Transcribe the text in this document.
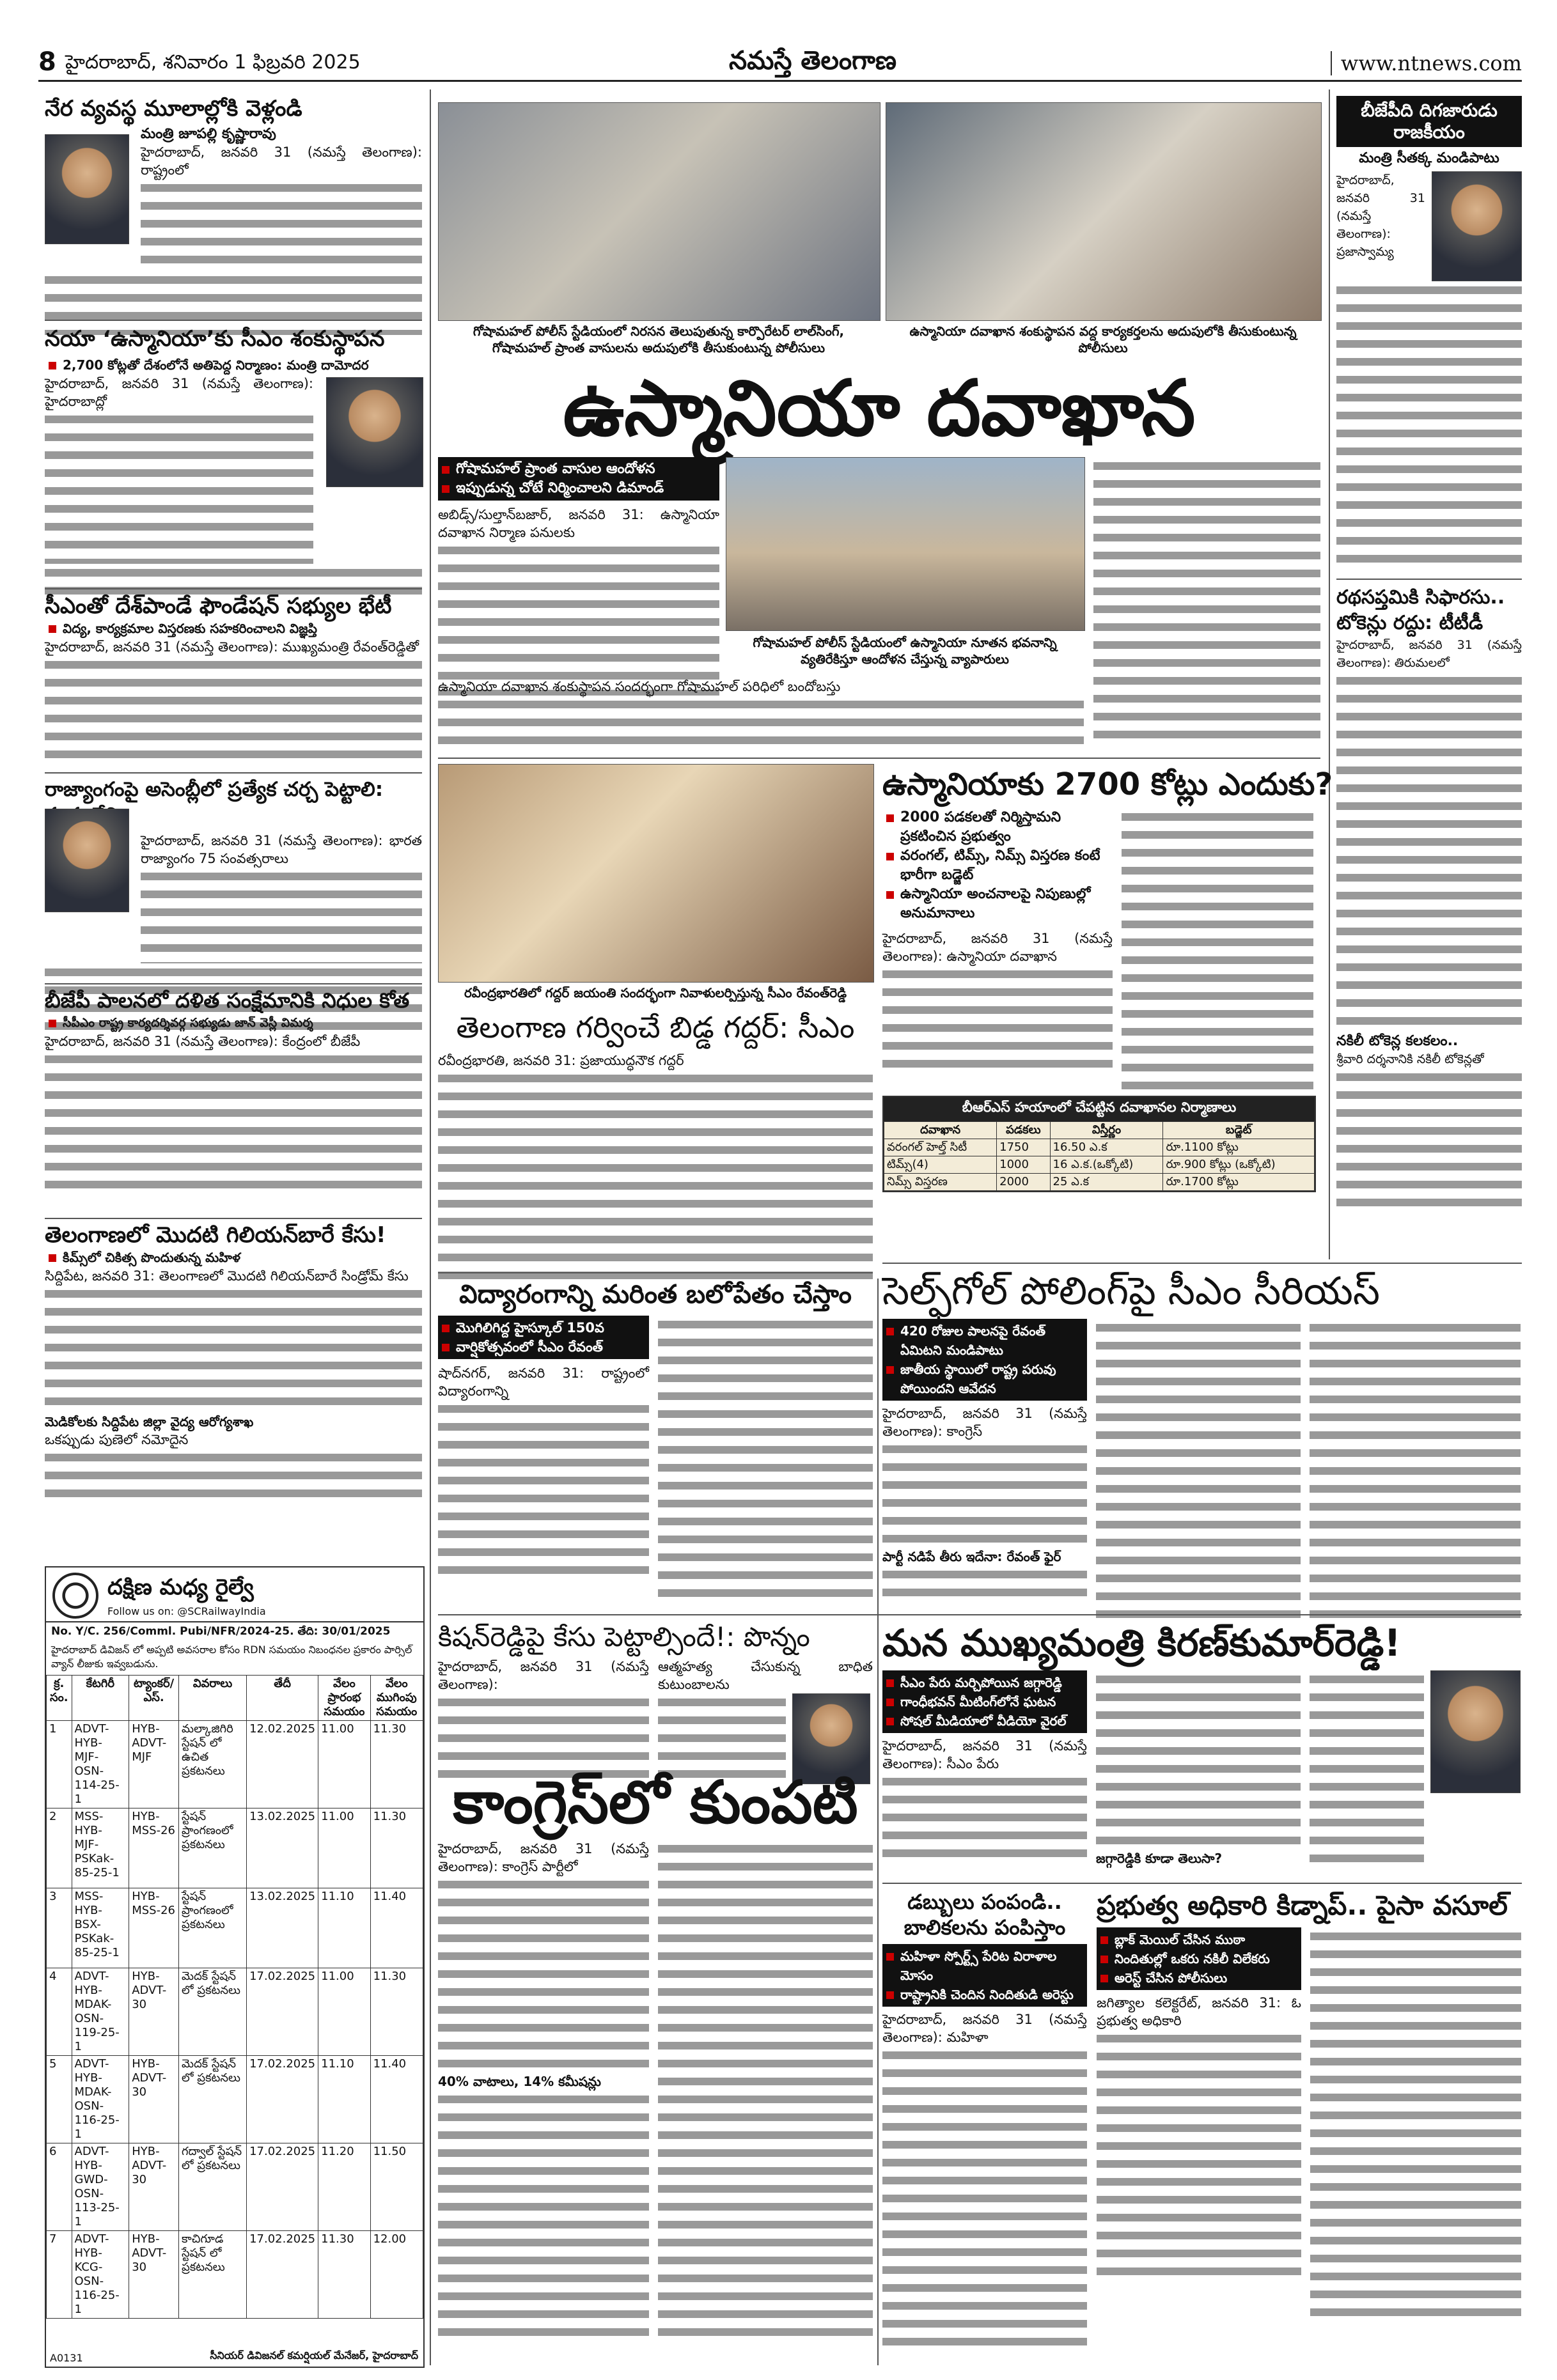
8 హైదరాబాద్, శనివారం 1 ఫిబ్రవరి 2025	నమస్తే తెలంగాణ	www.ntnews.com
నేర వ్యవస్థ మూలాల్లోకి వెళ్లండి
మంత్రి జూపల్లి కృష్ణారావు
హైదరాబాద్, జనవరి 31 (నమస్తే తెలంగాణ): రాష్ట్రంలో
నయా ‘ఉస్మానియా’కు సీఎం శంకుస్థాపన
2,700 కోట్లతో దేశంలోనే అతిపెద్ద నిర్మాణం: మంత్రి దామోదర
హైదరాబాద్, జనవరి 31 (నమస్తే తెలంగాణ): హైదరాబాద్లో
సీఎంతో దేశ్‌పాండే ఫౌండేషన్ సభ్యుల భేటీ
విద్య, కార్యక్రమాల విస్తరణకు సహకరించాలని విజ్ఞప్తి
హైదరాబాద్, జనవరి 31 (నమస్తే తెలంగాణ): ముఖ్యమంత్రి రేవంత్‌రెడ్డితో
రాజ్యాంగంపై అసెంబ్లీలో ప్రత్యేక చర్చ పెట్టాలి:
హైదరాబాద్, జనవరి 31 (నమస్తే తెలంగాణ): భారత రాజ్యాంగం 75 సంవత్సరాలు
బీజేపీ పాలనలో దళిత సంక్షేమానికి నిధుల కోత
సీపీఎం రాష్ట్ర కార్యదర్శివర్గ సభ్యుడు జాన్ వెస్లీ విమర్శ
హైదరాబాద్, జనవరి 31 (నమస్తే తెలంగాణ): కేంద్రంలో బీజేపీ
తెలంగాణలో మొదటి గిలియన్‌బారే కేసు!
కిమ్స్‌లో చికిత్స పొందుతున్న మహిళ
సిద్దిపేట, జనవరి 31: తెలంగాణలో మొదటి గిలియన్‌బారే సిండ్రోమ్ కేసు
మెడికోలకు సిద్దిపేట జిల్లా వైద్య ఆరోగ్యశాఖ
ఒకప్పుడు పుణెలో నమోదైన
దక్షిణ మధ్య రైల్వే
Follow us on: @SCRailwayIndia
No. Y/C. 256/Comml. Pubi/NFR/2024-25. తేది: 30/01/2025
హైదరాబాద్ డివిజన్ లో అప్పటి అవసరాల కోసం RDN సమయం నిబంధనల ప్రకారం పార్సిల్ వ్యాన్ లీజుకు ఇవ్వబడును.
క్ర. సం.	కేటగిరీ	ట్యాంకర్/ ఎస్.	వివరాలు	తేదీ	వేలం ప్రారంభ సమయం	వేలం ముగింపు సమయం
1	ADVT-HYB-MJF-OSN-114-25-1	HYB-ADVT-MJF	మల్కాజిగిరి స్టేషన్ లో ఉచిత ప్రకటనలు	12.02.2025	11.00	11.30
2	MSS-HYB-MJF-PSKak-85-25-1	HYB-MSS-26	స్టేషన్ ప్రాంగణంలో ప్రకటనలు	13.02.2025	11.00	11.30
3	MSS-HYB-BSX-PSKak-85-25-1	HYB-MSS-26	స్టేషన్ ప్రాంగణంలో ప్రకటనలు	13.02.2025	11.10	11.40
4	ADVT-HYB-MDAK-OSN-119-25-1	HYB-ADVT-30	మెదక్ స్టేషన్ లో ప్రకటనలు	17.02.2025	11.00	11.30
5	ADVT-HYB-MDAK-OSN-116-25-1	HYB-ADVT-30	మెదక్ స్టేషన్ లో ప్రకటనలు	17.02.2025	11.10	11.40
6	ADVT-HYB-GWD-OSN-113-25-1	HYB-ADVT-30	గద్వాల్ స్టేషన్ లో ప్రకటనలు	17.02.2025	11.20	11.50
7	ADVT-HYB-KCG-OSN-116-25-1	HYB-ADVT-30	కాచిగూడ స్టేషన్ లో ప్రకటనలు	17.02.2025	11.30	12.00
A0131	సీనియర్ డివిజనల్ కమర్షియల్ మేనేజర్, హైదరాబాద్
గోషామహల్ పోలీస్ స్టేడియంలో నిరసన తెలుపుతున్న కార్పొరేటర్ లాల్‌సింగ్, గోషామహల్ ప్రాంత వాసులను అదుపులోకి తీసుకుంటున్న పోలీసులు
ఉస్మానియా దవాఖాన శంకుస్థాపన వద్ద కార్యకర్తలను అదుపులోకి తీసుకుంటున్న పోలీసులు
ఉస్మానియా దవాఖాన
గోషామహల్ ప్రాంత వాసుల ఆందోళన
ఇప్పుడున్న చోటే నిర్మించాలని డిమాండ్
అబిడ్స్/సుల్తాన్‌బజార్, జనవరి 31: ఉస్మానియా దవాఖాన నిర్మాణ పనులకు
గోషామహల్ పోలీస్ స్టేడియంలో ఉస్మానియా నూతన భవనాన్ని వ్యతిరేకిస్తూ ఆందోళన చేస్తున్న వ్యాపారులు
ఉస్మానియా దవాఖాన శంకుస్థాపన సందర్భంగా గోషామహల్ పరిధిలో బందోబస్తు
రవీంద్రభారతిలో గద్దర్ జయంతి సందర్భంగా నివాళులర్పిస్తున్న సీఎం రేవంత్‌రెడ్డి
తెలంగాణ గర్వించే బిడ్డ గద్దర్: సీఎం
రవీంద్రభారతి, జనవరి 31: ప్రజాయుద్ధనౌక గద్దర్
ఉస్మానియాకు 2700 కోట్లు ఎందుకు?
2000 పడకలతో నిర్మిస్తామని ప్రకటించిన ప్రభుత్వం
వరంగల్, టిమ్స్, నిమ్స్ విస్తరణ కంటే భారీగా బడ్జెట్
ఉస్మానియా అంచనాలపై నిపుణుల్లో అనుమానాలు
హైదరాబాద్, జనవరి 31 (నమస్తే తెలంగాణ): ఉస్మానియా దవాఖాన
బీఆర్‌ఎస్ హయాంలో చేపట్టిన దవాఖానల నిర్మాణాలు
దవాఖాన	పడకలు	విస్తీర్ణం	బడ్జెట్
వరంగల్ హెల్త్ సిటీ	1750	16.50 ఎ.క	రూ.1100 కోట్లు
టిమ్స్(4)	1000	16 ఎ.క.(ఒక్కోటి)	రూ.900 కోట్లు (ఒక్కోటి)
నిమ్స్ విస్తరణ	2000	25 ఎ.క	రూ.1700 కోట్లు
బీజేపీది దిగజారుడు రాజకీయం
మంత్రి సీతక్క మండిపాటు
హైదరాబాద్, జనవరి 31 (నమస్తే తెలంగాణ): ప్రజాస్వామ్య
రథసప్తమికి సిఫారసు..
టోకెన్లు రద్దు: టీటీడీ
హైదరాబాద్, జనవరి 31 (నమస్తే తెలంగాణ): తిరుమలలో
నకిలీ టోకెన్ల కలకలం..
శ్రీవారి దర్శనానికి నకిలీ టోకెన్లతో
సెల్ఫ్‌గోల్ పోలింగ్‌పై సీఎం సీరియస్
420 రోజుల పాలనపై రేవంత్‌ ఏమిటని మండిపాటు
జాతీయ స్థాయిలో రాష్ట్ర పరువు పోయిందని ఆవేదన
హైదరాబాద్, జనవరి 31 (నమస్తే తెలంగాణ): కాంగ్రెస్
పార్టీ నడిపే తీరు ఇదేనా: రేవంత్ ఫైర్
విద్యారంగాన్ని మరింత బలోపేతం చేస్తాం
మొగిలిగిద్ద హైస్కూల్ 150వ
వార్షికోత్సవంలో సీఎం రేవంత్
షాద్‌నగర్, జనవరి 31: రాష్ట్రంలో విద్యారంగాన్ని
కిషన్‌రెడ్డిపై కేసు పెట్టాల్సిందే!: పొన్నం
హైదరాబాద్, జనవరి 31 (నమస్తే తెలంగాణ):
ఆత్మహత్య చేసుకున్న బాధిత కుటుంబాలను
కాంగ్రెస్‌లో కుంపటి
హైదరాబాద్, జనవరి 31 (నమస్తే తెలంగాణ): కాంగ్రెస్ పార్టీలో
40% వాటాలు, 14% కమీషన్లు
మన ముఖ్యమంత్రి కిరణ్‌కుమార్‌రెడ్డి!
సీఎం పేరు మర్చిపోయిన జగ్గారెడ్డి
గాంధీభవన్ మీటింగ్‌లోనే ఘటన
సోషల్ మీడియాలో వీడియో వైరల్
హైదరాబాద్, జనవరి 31 (నమస్తే తెలంగాణ): సీఎం పేరు
జగ్గారెడ్డికి కూడా తెలుసా?
డబ్బులు పంపండి.. బాలికలను పంపిస్తాం
మహిళా స్పోర్ట్స్ పేరిట విరాళాల మోసం
రాష్ట్రానికి చెందిన నిందితుడి అరెస్టు
హైదరాబాద్, జనవరి 31 (నమస్తే తెలంగాణ): మహిళా
ప్రభుత్వ అధికారి కిడ్నాప్.. పైసా వసూల్
బ్లాక్ మెయిల్ చేసిన ముఠా
నిందితుల్లో ఒకరు నకిలీ విలేకరు
అరెస్ట్ చేసిన పోలీసులు
జగిత్యాల కలెక్టరేట్, జనవరి 31: ఓ ప్రభుత్వ అధికారి
